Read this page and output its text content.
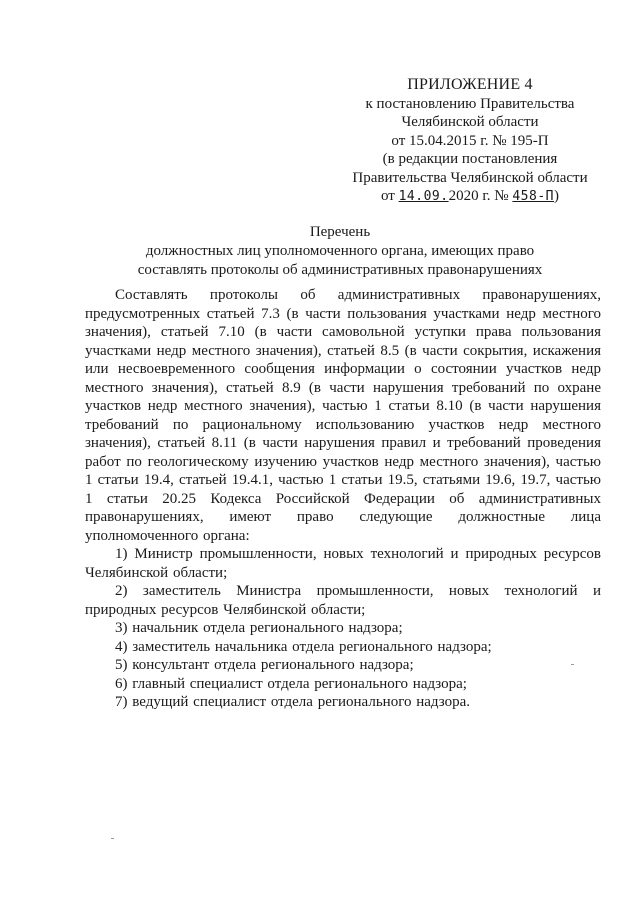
ПРИЛОЖЕНИЕ 4
к постановлению Правительства
Челябинской области
от 15.04.2015 г. № 195-П
(в редакции постановления
Правительства Челябинской области
от 14.09.2020 г. № 458-П)
Перечень
должностных лиц уполномоченного органа, имеющих право
составлять протоколы об административных правонарушениях

Составлять протоколы об административных правонарушениях, предусмотренных статьей 7.3 (в части пользования участками недр местного значения), статьей 7.10 (в части самовольной уступки права пользования участками недр местного значения), статьей 8.5 (в части сокрытия, искажения или несвоевременного сообщения информации о состоянии участков недр местного значения), статьей 8.9 (в части нарушения требований по охране участков недр местного значения), частью 1 статьи 8.10 (в части нарушения требований по рациональному использованию участков недр местного значения), статьей 8.11 (в части нарушения правил и требований проведения работ по геологическому изучению участков недр местного значения), частью 1 статьи 19.4, статьей 19.4.1, частью 1 статьи 19.5, статьями 19.6, 19.7, частью 1 статьи 20.25 Кодекса Российской Федерации об административных правонарушениях, имеют право следующие должностные лица уполномоченного органа:

1) Министр промышленности, новых технологий и природных ресурсов Челябинской области;
2) заместитель Министра промышленности, новых технологий и природных ресурсов Челябинской области;
3) начальник отдела регионального надзора;
4) заместитель начальника отдела регионального надзора;
5) консультант отдела регионального надзора;
6) главный специалист отдела регионального надзора;
7) ведущий специалист отдела регионального надзора.
